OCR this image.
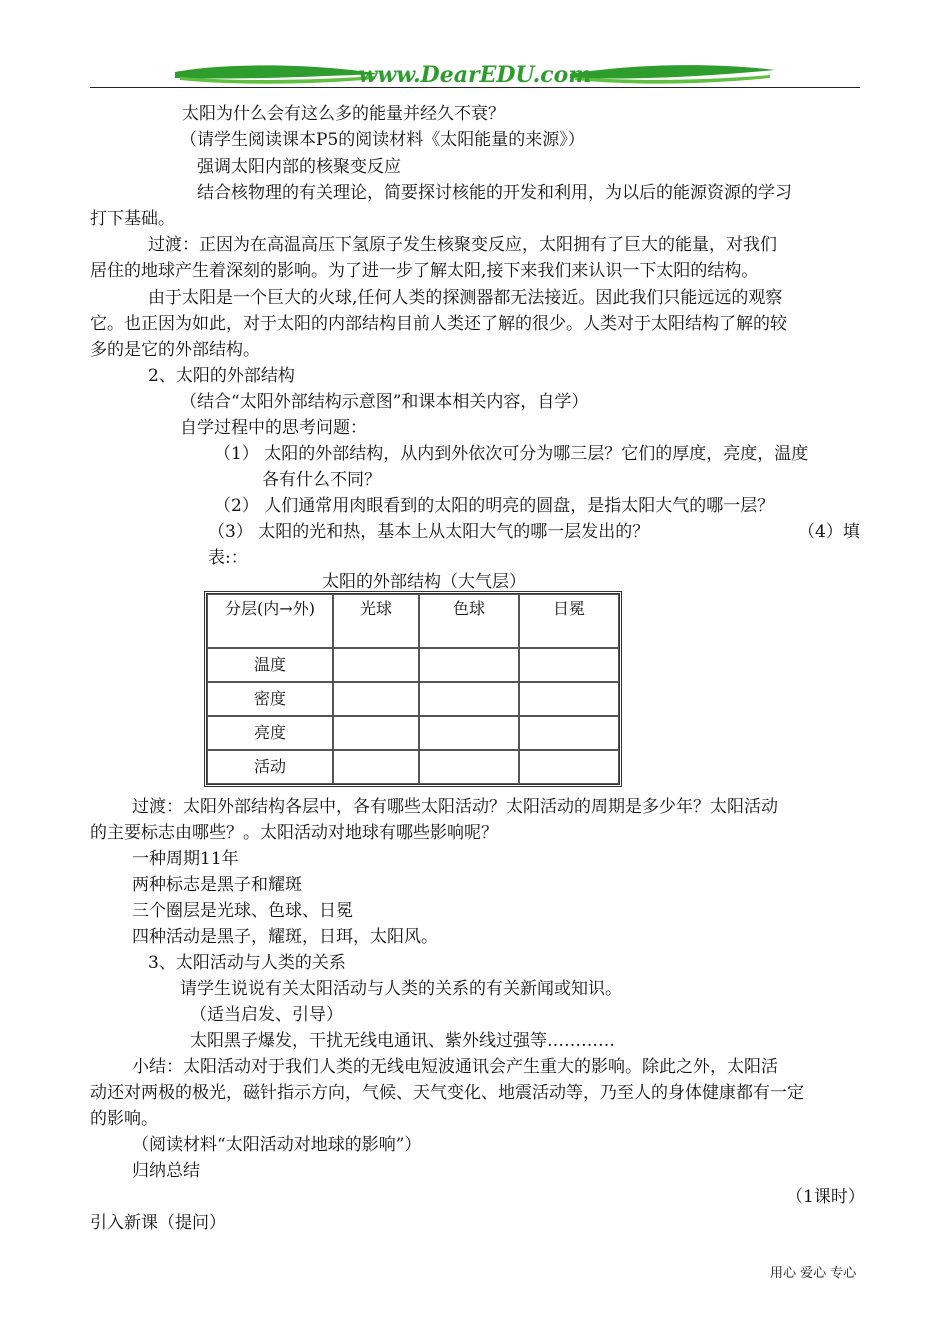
www.DearEDU.com
太阳为什么会有这么多的能量并经久不衰？
（请学生阅读课本P5的阅读材料《太阳能量的来源》）
强调太阳内部的核聚变反应
结合核物理的有关理论，简要探讨核能的开发和利用，为以后的能源资源的学习
打下基础。
过渡：正因为在高温高压下氢原子发生核聚变反应，太阳拥有了巨大的能量，对我们
居住的地球产生着深刻的影响。为了进一步了解太阳,接下来我们来认识一下太阳的结构。
由于太阳是一个巨大的火球,任何人类的探测器都无法接近。因此我们只能远远的观察
它。也正因为如此，对于太阳的内部结构目前人类还了解的很少。人类对于太阳结构了解的较
多的是它的外部结构。
2、太阳的外部结构
（结合“太阳外部结构示意图”和课本相关内容，自学）
自学过程中的思考问题：
（1） 太阳的外部结构，从内到外依次可分为哪三层？它们的厚度，亮度，温度
各有什么不同？
（2） 人们通常用肉眼看到的太阳的明亮的圆盘，是指太阳大气的哪一层？
（3） 太阳的光和热，基本上从太阳大气的哪一层发出的？	（4）填
表:：
太阳的外部结构（大气层）
分层(内→外)	光球	色球	日冕
温度			
密度			
亮度			
活动			
过渡：太阳外部结构各层中，各有哪些太阳活动？太阳活动的周期是多少年？太阳活动
的主要标志由哪些？。太阳活动对地球有哪些影响呢？
一种周期11年
两种标志是黑子和耀斑
三个圈层是光球、色球、日冕
四种活动是黑子，耀斑，日珥，太阳风。
3、太阳活动与人类的关系
请学生说说有关太阳活动与人类的关系的有关新闻或知识。
（适当启发、引导）
太阳黑子爆发，干扰无线电通讯、紫外线过强等…………
小结：太阳活动对于我们人类的无线电短波通讯会产生重大的影响。除此之外，太阳活
动还对两极的极光，磁针指示方向，气候、天气变化、地震活动等，乃至人的身体健康都有一定
的影响。
（阅读材料“太阳活动对地球的影响”）
归纳总结
（1课时）
引入新课（提问）
用心 爱心 专心
